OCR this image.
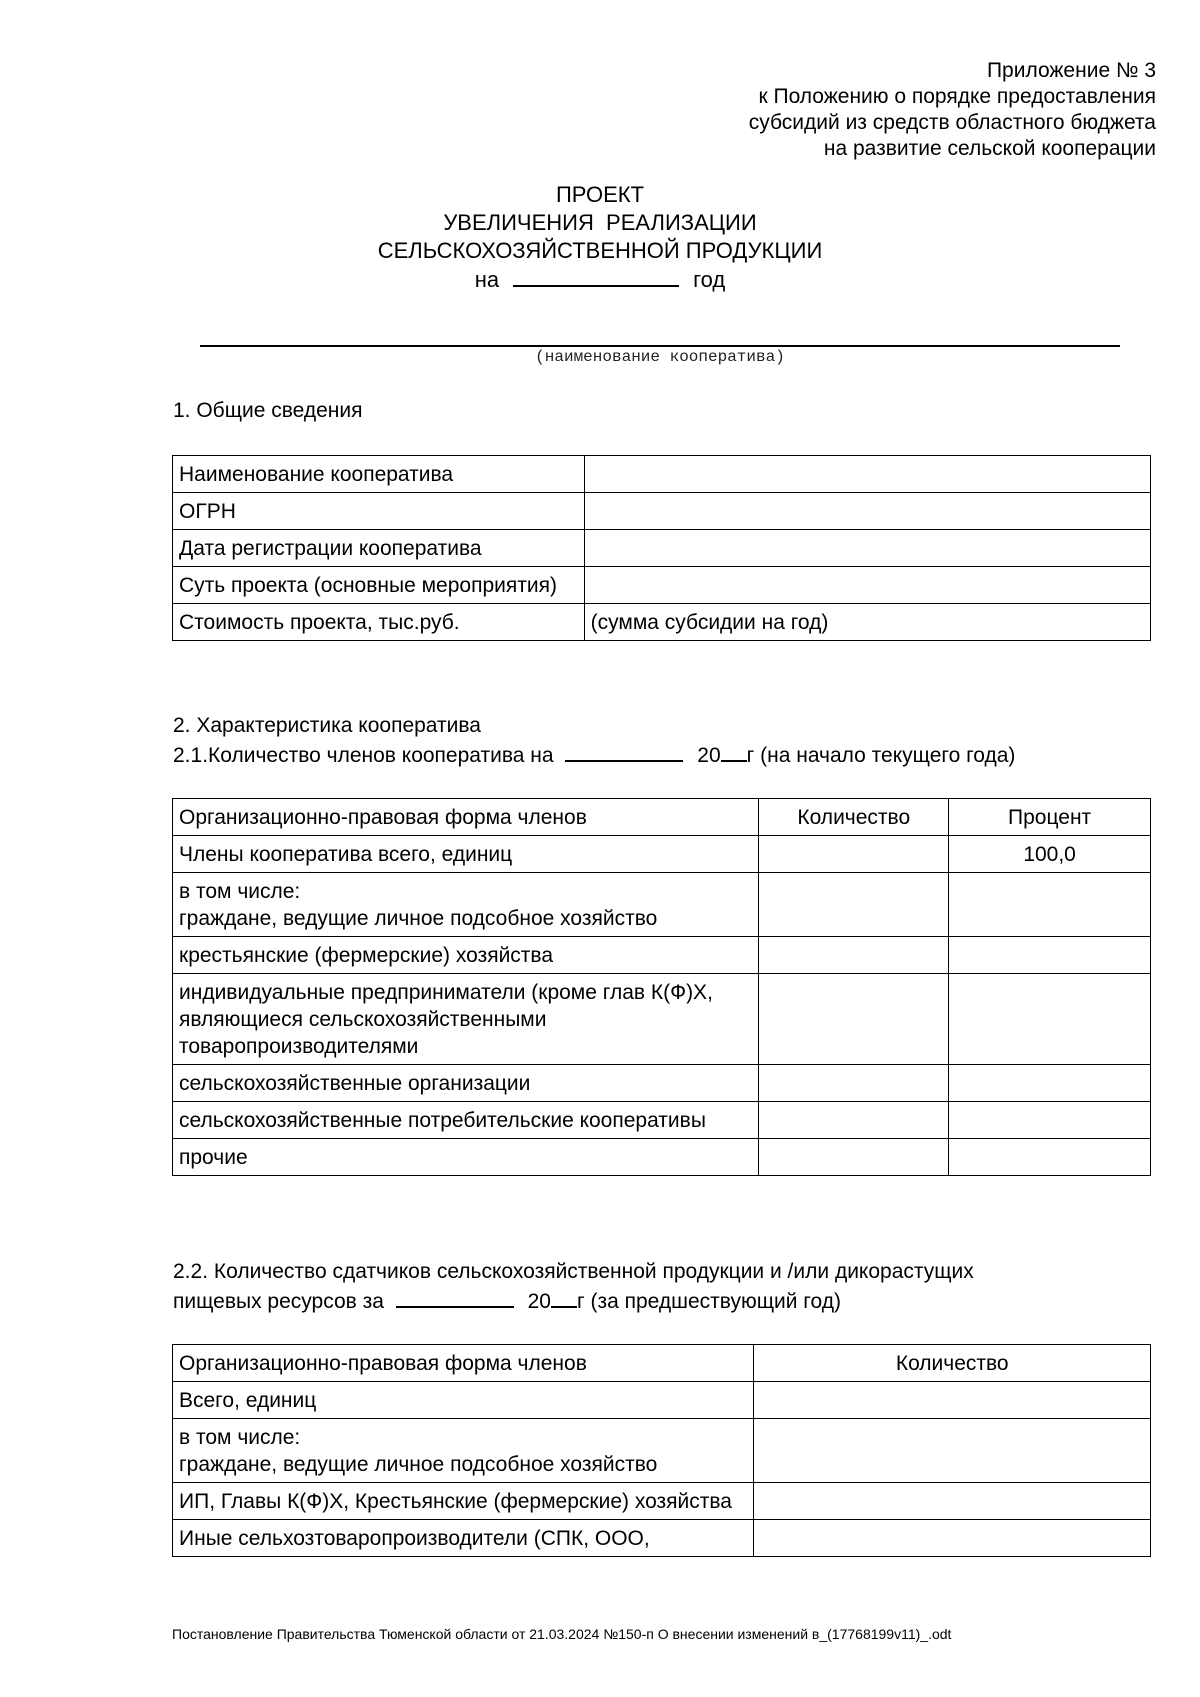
Приложение № 3
к Положению о порядке предоставления
субсидий из средств областного бюджета
на развитие сельской кооперации
ПРОЕКТ
УВЕЛИЧЕНИЯ  РЕАЛИЗАЦИИ
СЕЛЬСКОХОЗЯЙСТВЕННОЙ ПРОДУКЦИИ
на	год
(наименование кооператива)
1. Общие сведения
Наименование кооператива	
ОГРН	
Дата регистрации кооператива	
Суть проекта (основные мероприятия)	
Стоимость проекта, тыс.руб.	(сумма субсидии на год)
2. Характеристика кооператива
2.1.Количество членов кооператива на	20 г (на начало текущего года)
Организационно-правовая форма членов	Количество	Процент
Члены кооператива всего, единиц		100,0
в том числе:
граждане, ведущие личное подсобное хозяйство		
крестьянские (фермерские) хозяйства		
индивидуальные предприниматели (кроме глав К(Ф)Х, являющиеся сельскохозяйственными товаропроизводителями		
сельскохозяйственные организации		
сельскохозяйственные потребительские кооперативы		
прочие		
2.2. Количество сдатчиков сельскохозяйственной продукции и /или дикорастущих
пищевых ресурсов за	20 г (за предшествующий год)
Организационно-правовая форма членов	Количество
Всего, единиц	
в том числе:
граждане, ведущие личное подсобное хозяйство	
ИП, Главы К(Ф)Х, Крестьянские (фермерские) хозяйства	
Иные сельхозтоваропроизводители (СПК, ООО,	
Постановление Правительства Тюменской области от 21.03.2024 №150-п О внесении изменений в_(17768199v11)_.odt
